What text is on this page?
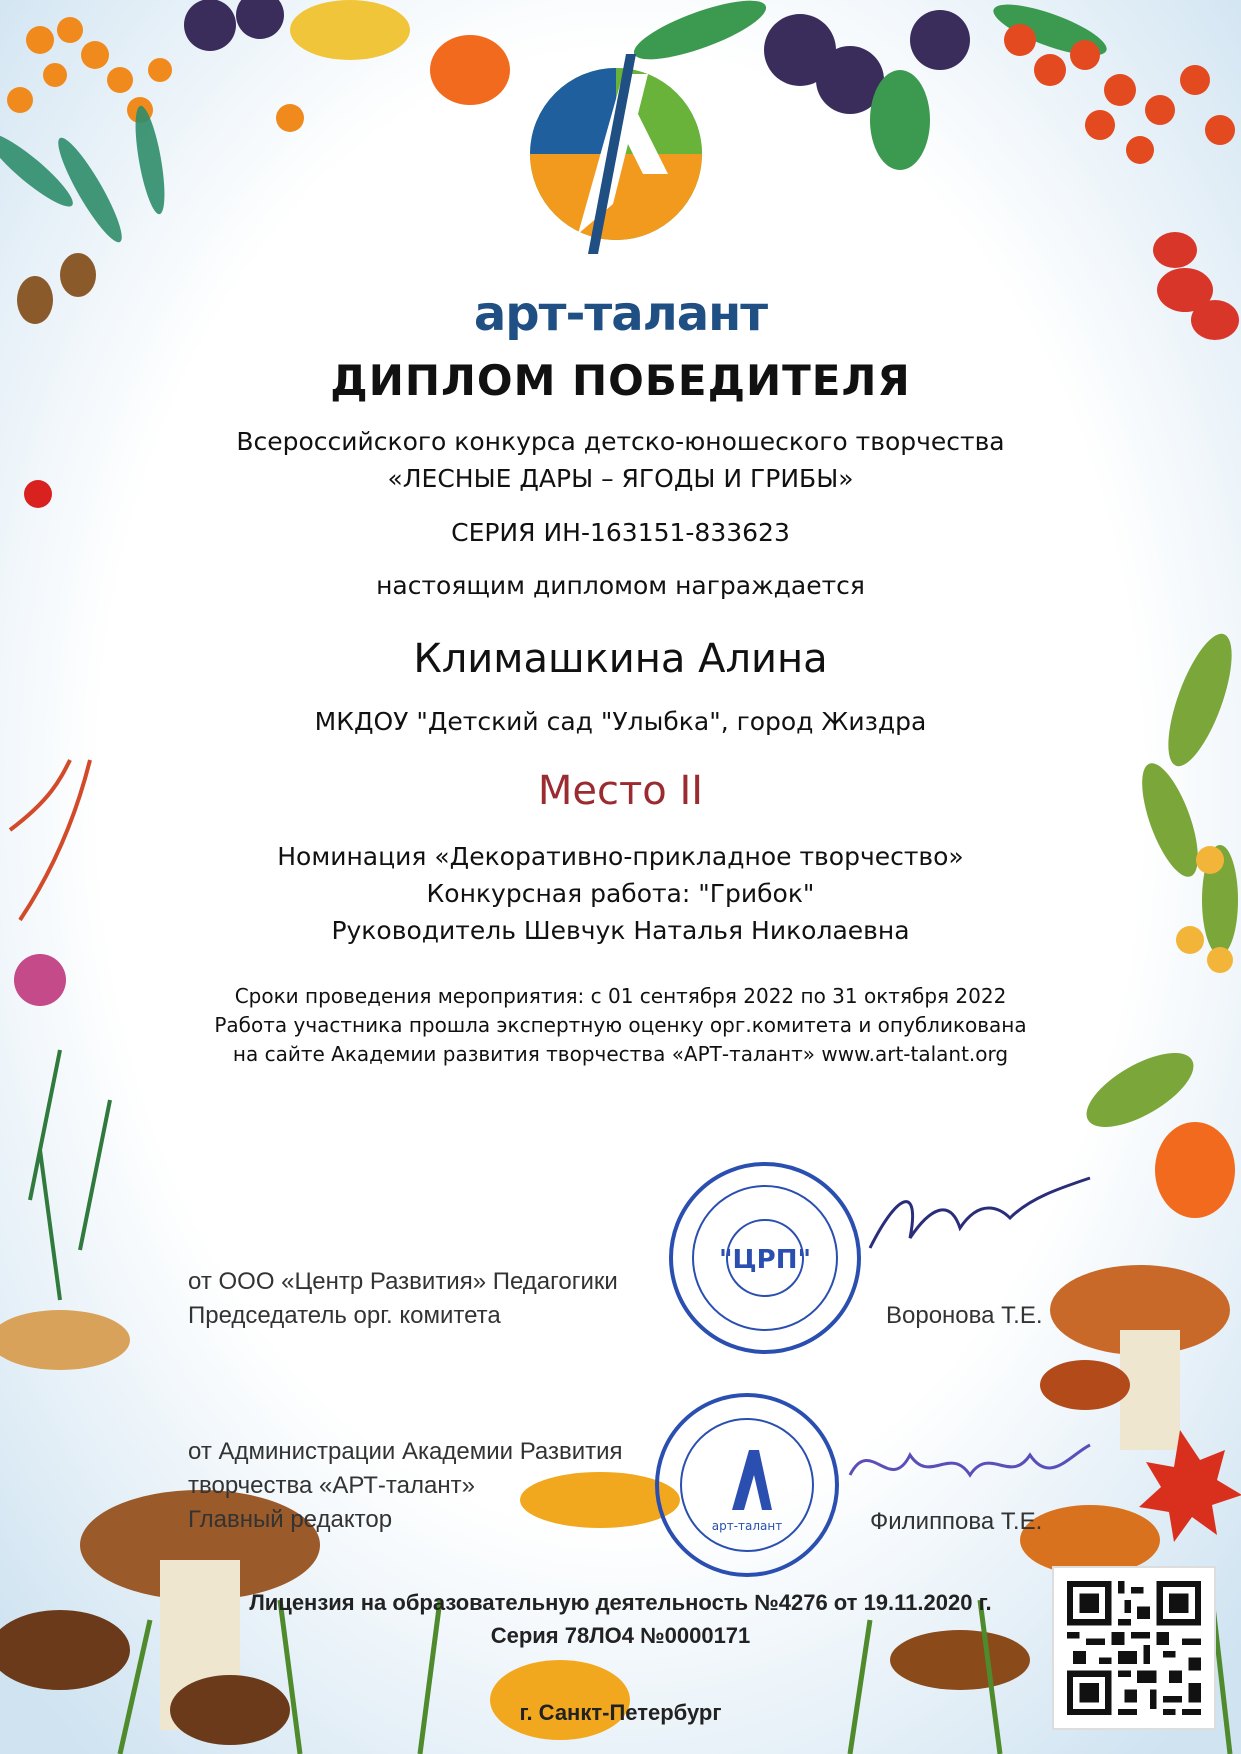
арт-талант
ДИПЛОМ ПОБЕДИТЕЛЯ
Всероссийского конкурса детско-юношеского творчества
«ЛЕСНЫЕ ДАРЫ – ЯГОДЫ И ГРИБЫ»
СЕРИЯ ИН-163151-833623
настоящим дипломом награждается
Климашкина Алина
МКДОУ "Детский сад "Улыбка", город Жиздра
Место II
Номинация «Декоративно-прикладное творчество»
Конкурсная работа: "Грибок"
Руководитель Шевчук Наталья Николаевна
Сроки проведения мероприятия: с 01 сентября 2022 по 31 октября 2022
Работа участника прошла экспертную оценку орг.комитета и опубликована
на сайте Академии развития творчества «АРТ-талант» www.art-talant.org
от ООО «Центр Развития» Педагогики
Председатель орг. комитета	Воронова Т.Е.
"ЦРП"
от Администрации Академии Развития
творчества «АРТ-талант»
Главный редактор	Филиппова Т.Е.
арт-талант
Лицензия на образовательную деятельность №4276 от 19.11.2020 г.
Серия 78ЛО4 №0000171
г. Санкт-Петербург
